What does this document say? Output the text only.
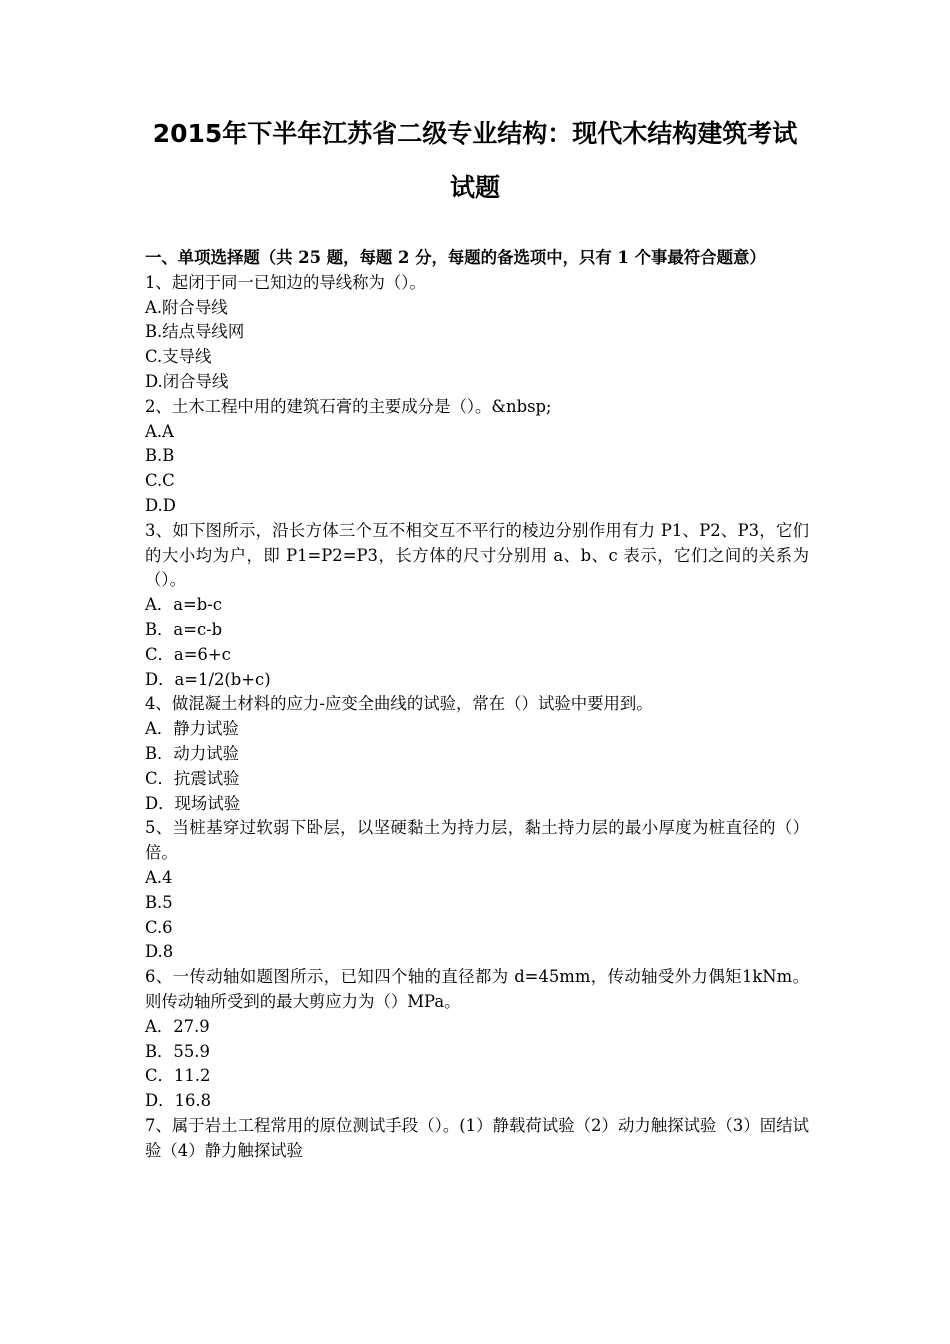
2015年下半年江苏省二级专业结构：现代木结构建筑考试
试题
一、单项选择题（共 25 题，每题 2 分，每题的备选项中，只有 1 个事最符合题意）
1、起闭于同一已知边的导线称为（）。
A.附合导线
B.结点导线网
C.支导线
D.闭合导线
2、土木工程中用的建筑石膏的主要成分是（）。&nbsp;
A.A
B.B
C.C
D.D
3、如下图所示，沿长方体三个互不相交互不平行的棱边分别作用有力 P1、P2、P3，它们的大小均为户，即 P1=P2=P3，长方体的尺寸分别用 a、b、c 表示，它们之间的关系为（）。
A．a=b-c
B．a=c-b
C．a=6+c
D．a=1/2(b+c)
4、做混凝土材料的应力-应变全曲线的试验，常在（）试验中要用到。
A．静力试验
B．动力试验
C．抗震试验
D．现场试验
5、当桩基穿过软弱下卧层，以坚硬黏土为持力层，黏土持力层的最小厚度为桩直径的（）倍。
A.4
B.5
C.6
D.8
6、一传动轴如题图所示，已知四个轴的直径都为 d=45mm，传动轴受外力偶矩1kNm。则传动轴所受到的最大剪应力为（）MPa。
A．27.9
B．55.9
C．11.2
D．16.8
7、属于岩土工程常用的原位测试手段（）。(1）静载荷试验（2）动力触探试验（3）固结试验（4）静力触探试验
